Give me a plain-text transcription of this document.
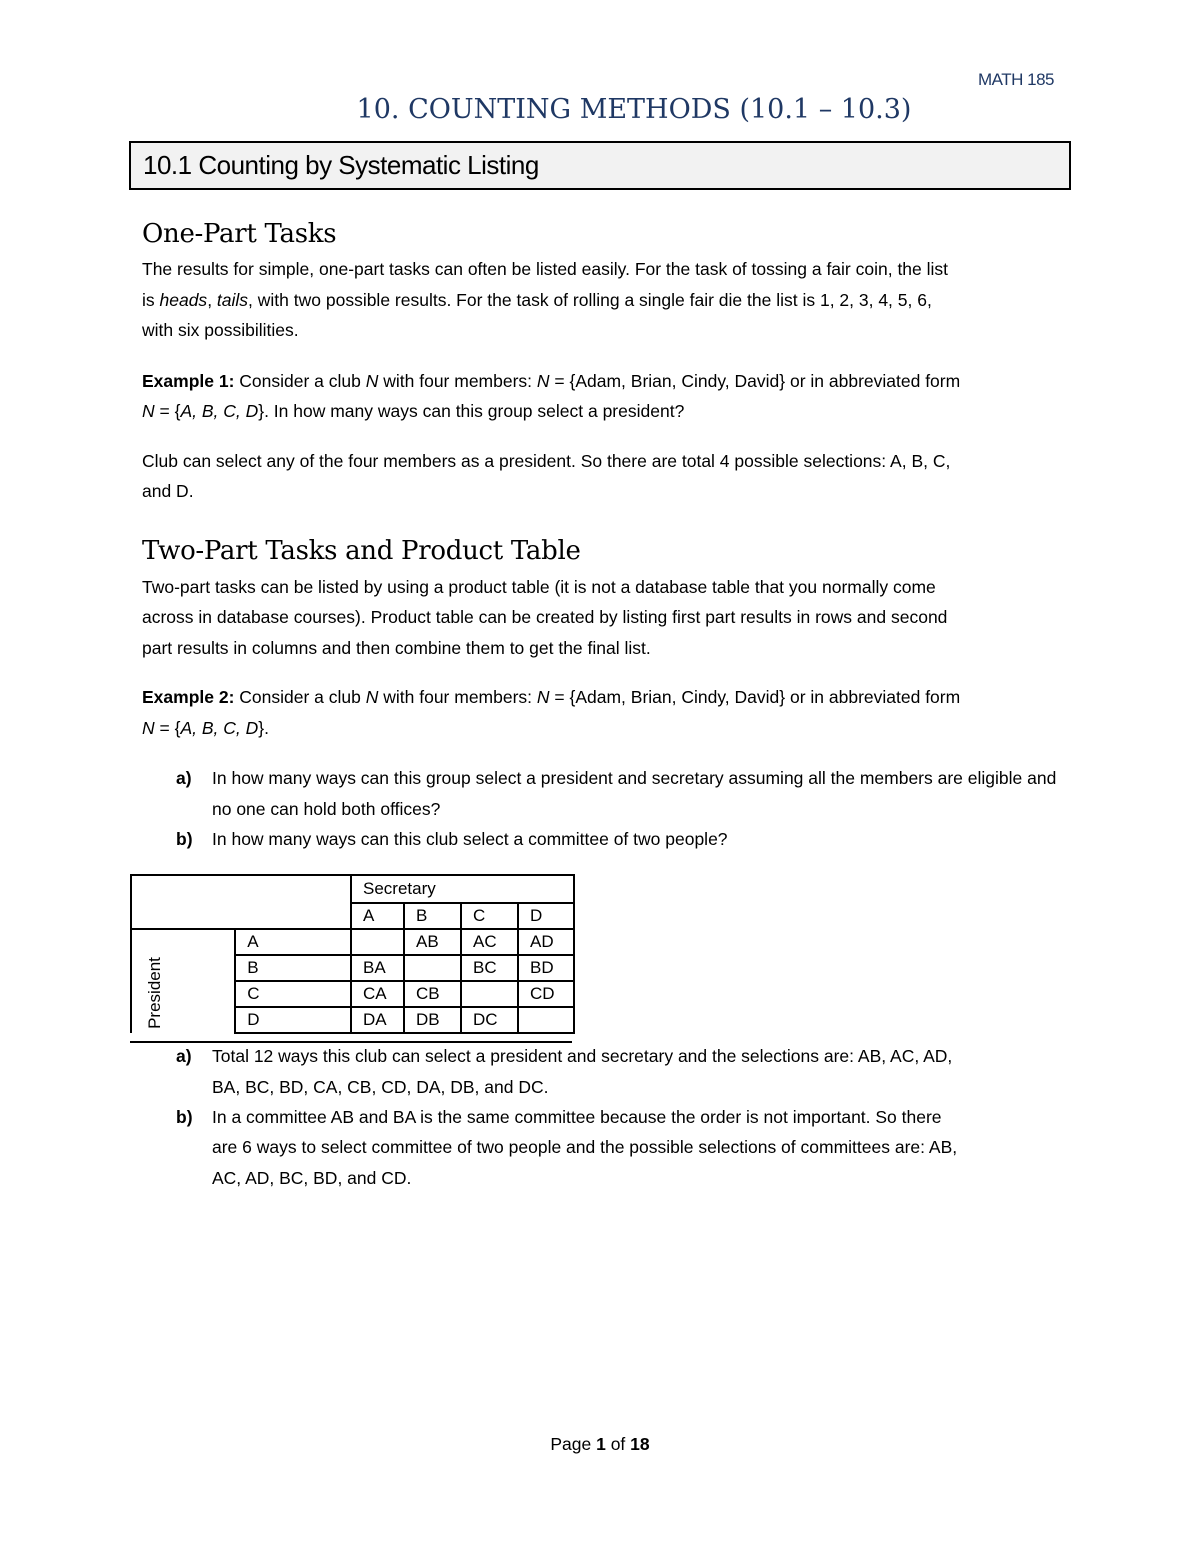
MATH 185
10. COUNTING METHODS (10.1 – 10.3)
10.1 Counting by Systematic Listing
One-Part Tasks
The results for simple, one-part tasks can often be listed easily. For the task of tossing a fair coin, the list
is heads, tails, with two possible results. For the task of rolling a single fair die the list is 1, 2, 3, 4, 5, 6,
with six possibilities.
Example 1: Consider a club N with four members: N = {Adam, Brian, Cindy, David} or in abbreviated form
N = {A, B, C, D}. In how many ways can this group select a president?
Club can select any of the four members as a president. So there are total 4 possible selections: A, B, C,
and D.
Two-Part Tasks and Product Table
Two-part tasks can be listed by using a product table (it is not a database table that you normally come
across in database courses). Product table can be created by listing first part results in rows and second
part results in columns and then combine them to get the final list.
Example 2: Consider a club N with four members: N = {Adam, Brian, Cindy, David} or in abbreviated form
N = {A, B, C, D}.
a) In how many ways can this group select a president and secretary assuming all the members are eligible and no one can hold both offices?
b) In how many ways can this club select a committee of two people?
		Secretary			
		A	B	C	D
	A		AB	AC	AD
	B	BA		BC	BD
	C	CA	CB		CD
	D	DA	DB	DC	
President
a) Total 12 ways this club can select a president and secretary and the selections are: AB, AC, AD,
BA, BC, BD, CA, CB, CD, DA, DB, and DC.
b) In a committee AB and BA is the same committee because the order is not important. So there
are 6 ways to select committee of two people and the possible selections of committees are: AB,
AC, AD, BC, BD, and CD.
Page 1 of 18
